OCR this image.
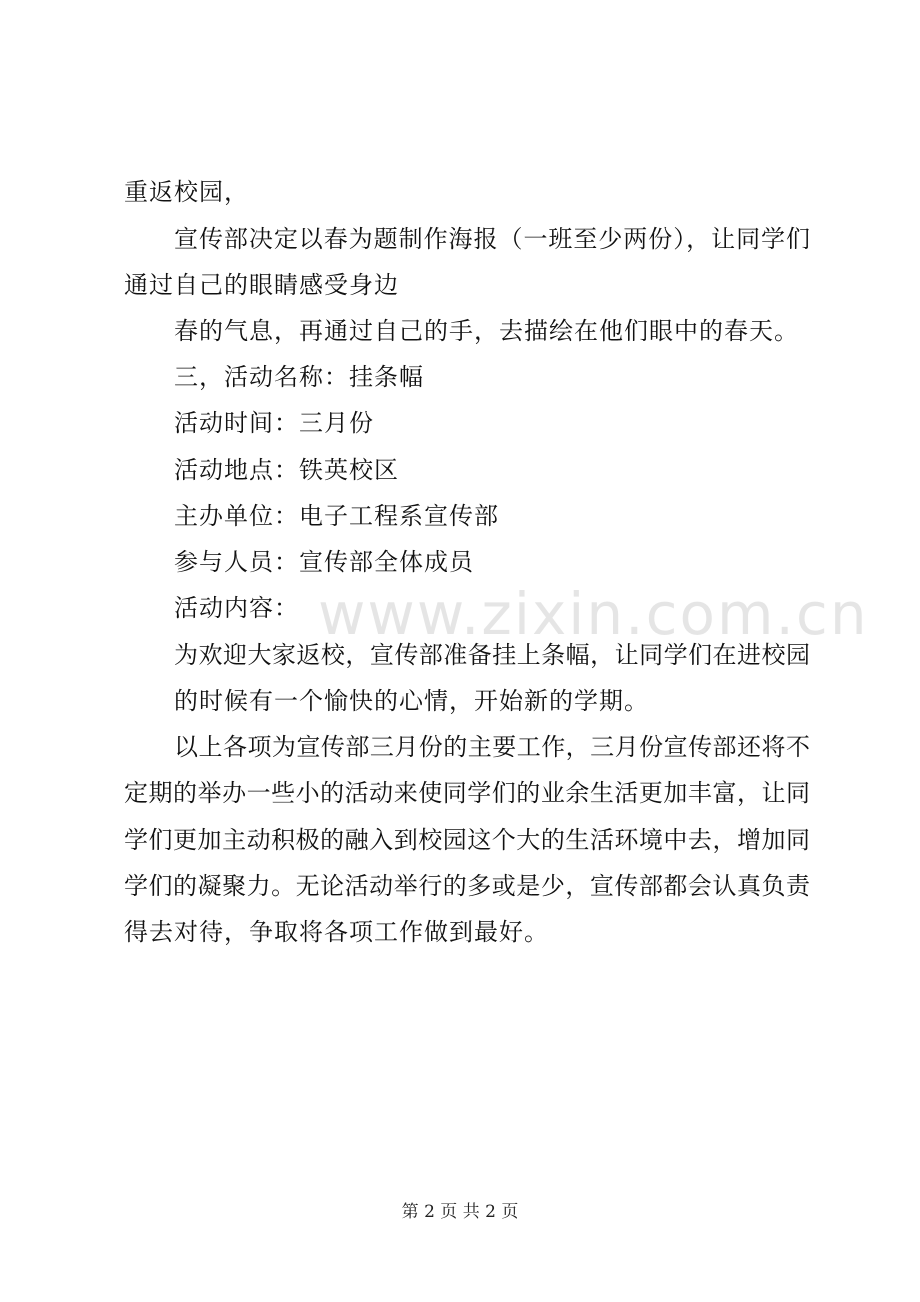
www.zixin.com.cn
重返校园，
宣传部决定以春为题制作海报（一班至少两份），让同学们
通过自己的眼睛感受身边
春的气息，再通过自己的手，去描绘在他们眼中的春天。
三，活动名称：挂条幅
活动时间：三月份
活动地点：铁英校区
主办单位：电子工程系宣传部
参与人员：宣传部全体成员
活动内容：
为欢迎大家返校，宣传部准备挂上条幅，让同学们在进校园
的时候有一个愉快的心情，开始新的学期。
以上各项为宣传部三月份的主要工作，三月份宣传部还将不
定期的举办一些小的活动来使同学们的业余生活更加丰富，让同
学们更加主动积极的融入到校园这个大的生活环境中去，增加同
学们的凝聚力。无论活动举行的多或是少，宣传部都会认真负责
得去对待，争取将各项工作做到最好。
第 2 页 共 2 页
